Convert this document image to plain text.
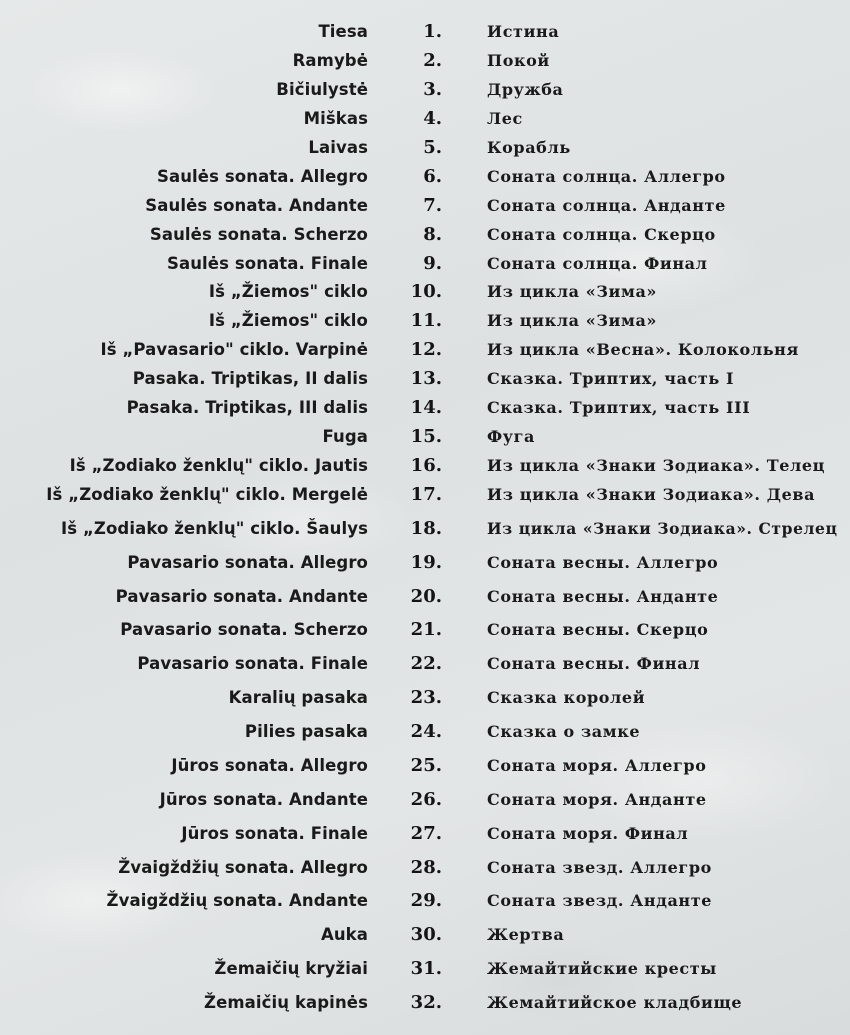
Tiesa	1.	Истина
Ramybė	2.	Покой
Bičiulystė	3.	Дружба
Miškas	4.	Лес
Laivas	5.	Корабль
Saulės sonata. Allegro	6.	Соната солнца. Аллегро
Saulės sonata. Andante	7.	Соната солнца. Анданте
Saulės sonata. Scherzo	8.	Соната солнца. Скерцо
Saulės sonata. Finale	9.	Соната солнца. Финал
Iš „Žiemos" ciklo 10.	Из цикла «Зима»
Iš „Žiemos" ciklo 11.	Из цикла «Зима»
Iš „Pavasario" ciklo. Varpinė 12.	Из цикла «Весна». Колокольня
Pasaka. Triptikas, II dalis 13.	Сказка. Триптих, часть I
Pasaka. Triptikas, III dalis 14.	Сказка. Триптих, часть III
Fuga 15.	Фуга
Iš „Zodiako ženklų" ciklo. Jautis 16.	Из цикла «Знаки Зодиака». Телец
Iš „Zodiako ženklų" ciklo. Mergelė 17.	Из цикла «Знаки Зодиака». Дева
Iš „Zodiako ženklų" ciklo. Šaulys 18.	Из цикла «Знаки Зодиака». Стрелец
Pavasario sonata. Allegro 19.	Соната весны. Аллегро
Pavasario sonata. Andante 20.	Соната весны. Анданте
Pavasario sonata. Scherzo 21.	Соната весны. Скерцо
Pavasario sonata. Finale 22.	Соната весны. Финал
Karalių pasaka 23.	Сказка королей
Pilies pasaka 24.	Сказка о замке
Jūros sonata. Allegro 25.	Соната моря. Аллегро
Jūros sonata. Andante 26.	Соната моря. Анданте
Jūros sonata. Finale 27.	Соната моря. Финал
Žvaigždžių sonata. Allegro 28.	Соната звезд. Аллегро
Žvaigždžių sonata. Andante 29.	Соната звезд. Анданте
Auka 30.	Жертва
Žemaičių kryžiai 31.	Жемайтийские кресты
Žemaičių kapinės 32.	Жемайтийское кладбище
